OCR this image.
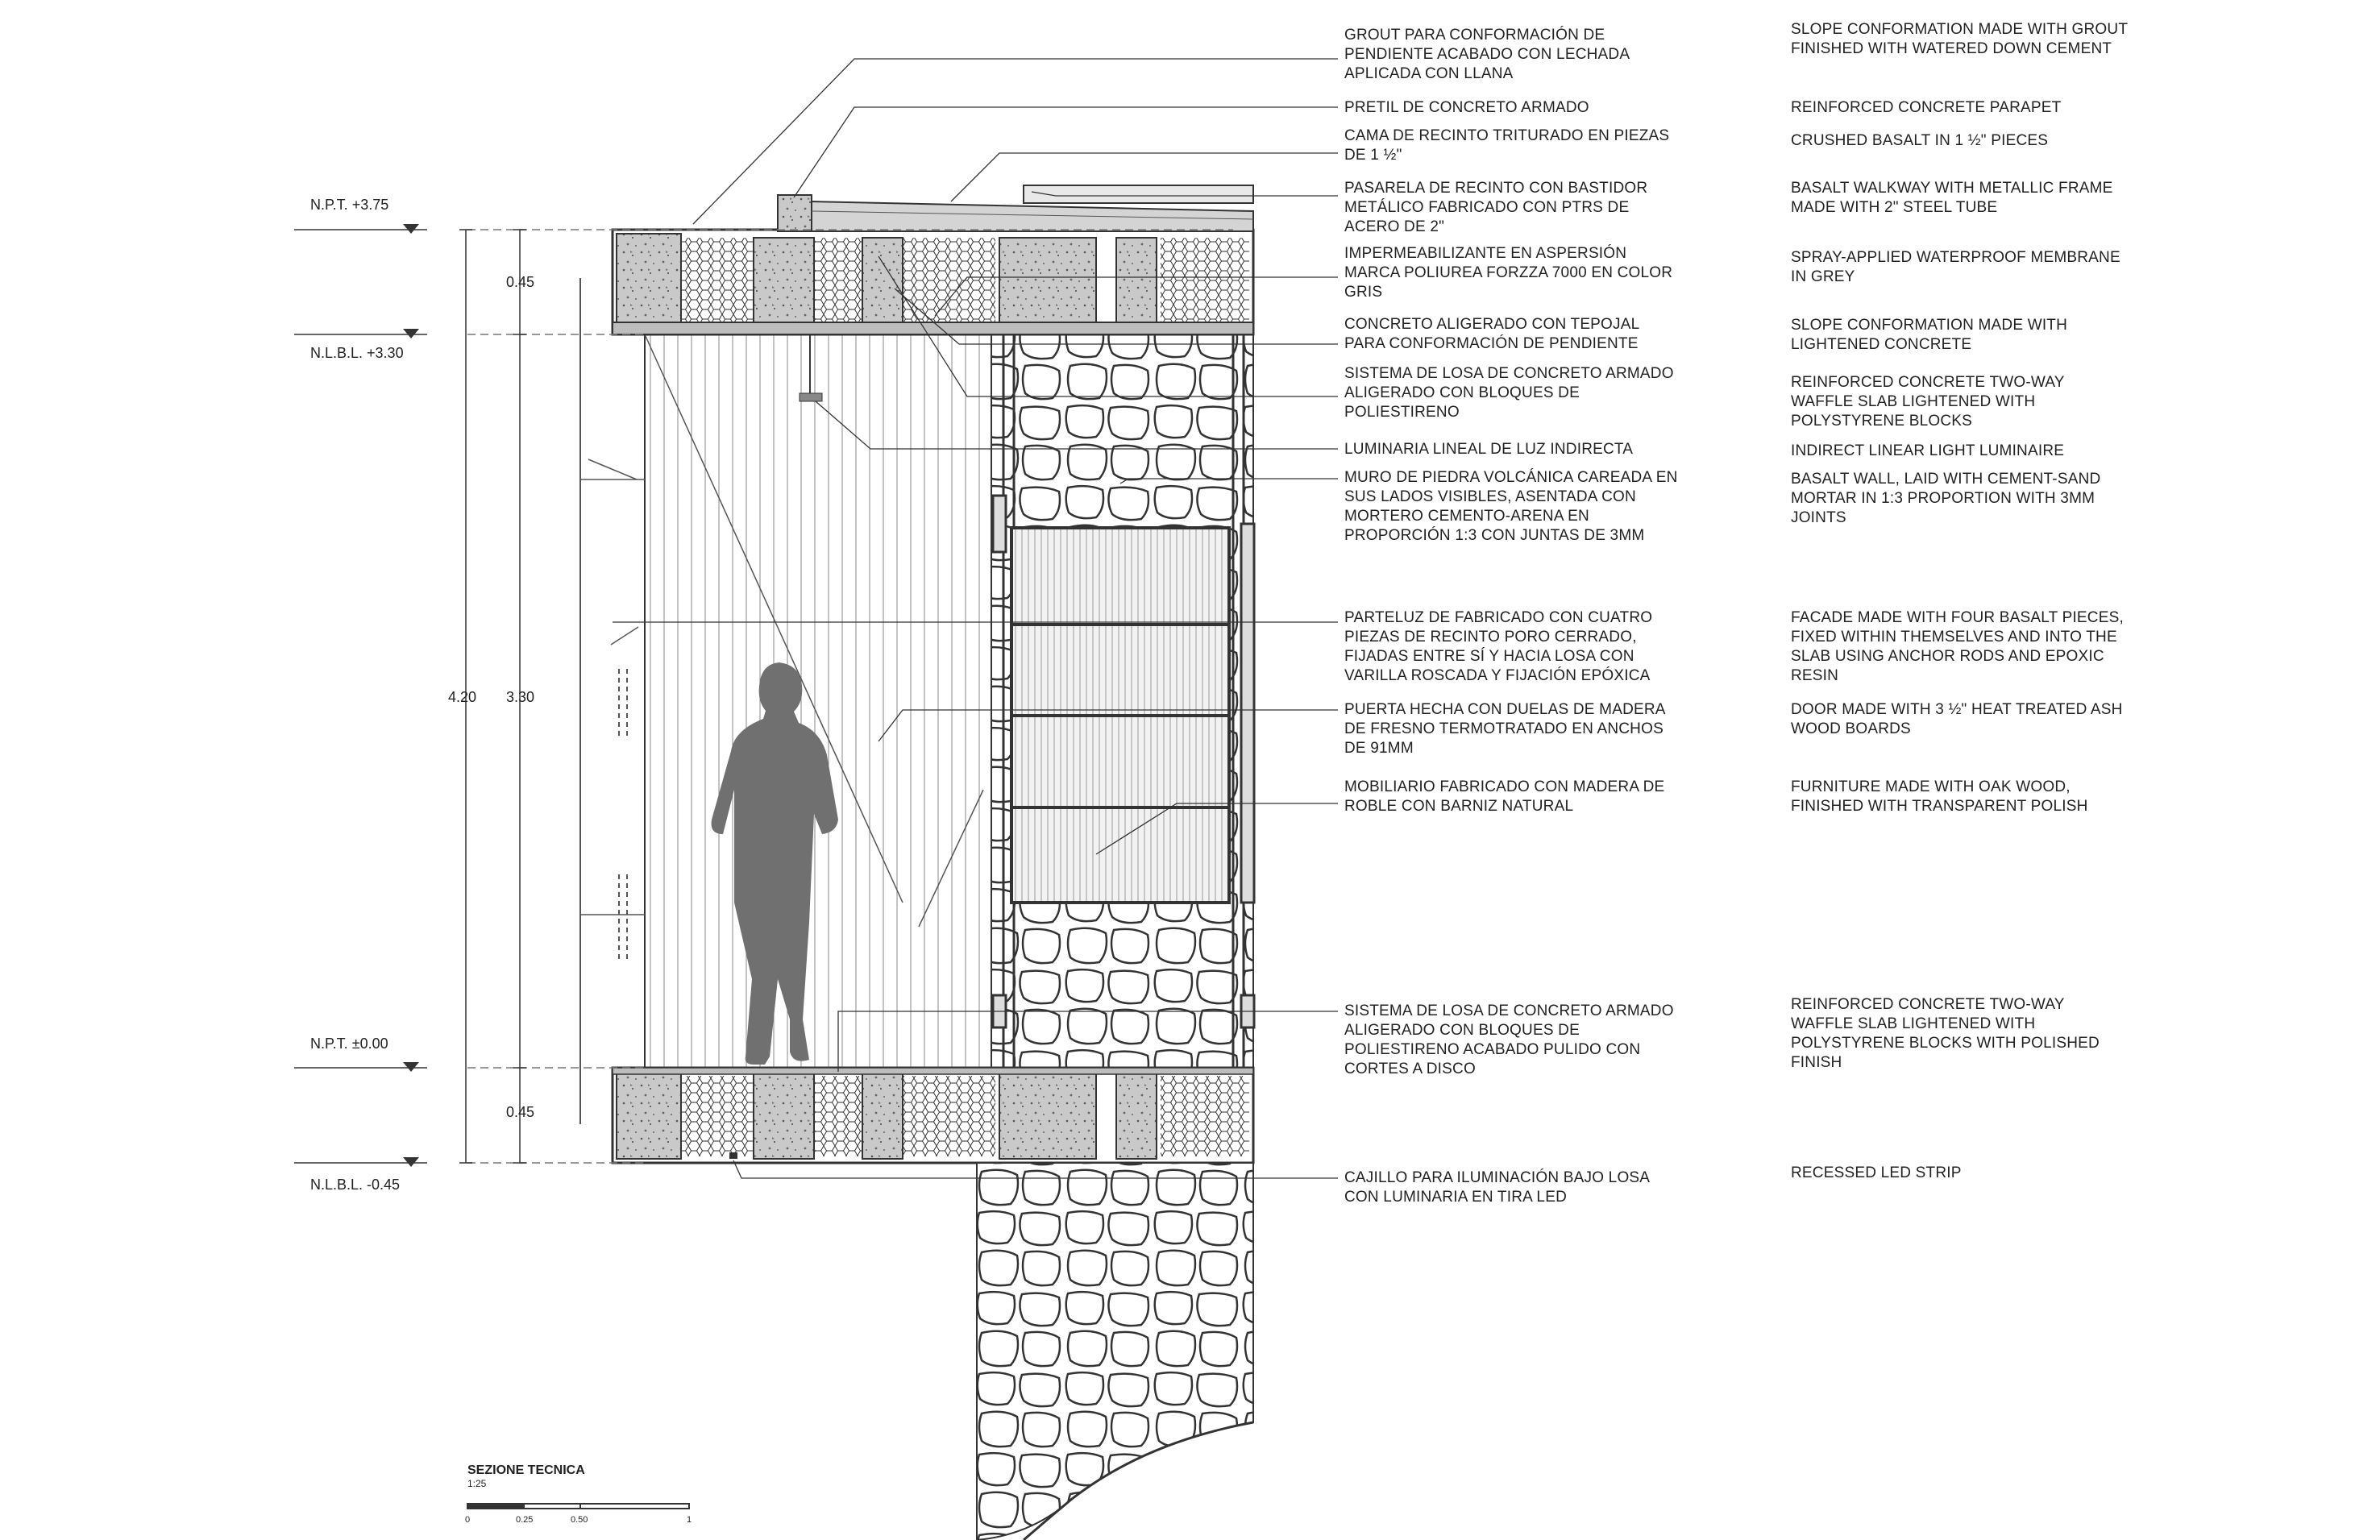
GROUT PARA CONFORMACIÓN DE PENDIENTE ACABADO CON LECHADA APLICADA CON LLANA
PRETIL DE CONCRETO ARMADO
CAMA DE RECINTO TRITURADO EN PIEZAS DE 1 ½"
PASARELA DE RECINTO CON BASTIDOR METÁLICO FABRICADO CON PTRS DE ACERO DE 2"
IMPERMEABILIZANTE EN ASPERSIÓN MARCA POLIUREA FORZZA 7000 EN COLOR GRIS
CONCRETO ALIGERADO CON TEPOJAL PARA CONFORMACIÓN DE PENDIENTE
SISTEMA DE LOSA DE CONCRETO ARMADO ALIGERADO CON BLOQUES DE POLIESTIRENO
LUMINARIA LINEAL DE LUZ INDIRECTA
MURO DE PIEDRA VOLCÁNICA CAREADA EN SUS LADOS VISIBLES, ASENTADA CON MORTERO CEMENTO-ARENA EN PROPORCIÓN 1:3 CON JUNTAS DE 3MM
PARTELUZ DE FABRICADO CON CUATRO PIEZAS DE RECINTO PORO CERRADO, FIJADAS ENTRE SÍ Y HACIA LOSA CON VARILLA ROSCADA Y FIJACIÓN EPÓXICA
PUERTA HECHA CON DUELAS DE MADERA DE FRESNO TERMOTRATADO EN ANCHOS DE 91MM
MOBILIARIO FABRICADO CON MADERA DE ROBLE CON BARNIZ NATURAL
SISTEMA DE LOSA DE CONCRETO ARMADO ALIGERADO CON BLOQUES DE POLIESTIRENO ACABADO PULIDO CON CORTES A DISCO
CAJILLO PARA ILUMINACIÓN BAJO LOSA CON LUMINARIA EN TIRA LED
SLOPE CONFORMATION MADE WITH GROUT FINISHED WITH WATERED DOWN CEMENT
REINFORCED CONCRETE PARAPET
CRUSHED BASALT IN 1 ½" PIECES
BASALT WALKWAY WITH METALLIC FRAME MADE WITH 2" STEEL TUBE
SPRAY-APPLIED WATERPROOF MEMBRANE IN GREY
SLOPE CONFORMATION MADE WITH LIGHTENED CONCRETE
REINFORCED CONCRETE TWO-WAY WAFFLE SLAB LIGHTENED WITH POLYSTYRENE BLOCKS
INDIRECT LINEAR LIGHT LUMINAIRE
BASALT WALL, LAID WITH CEMENT-SAND MORTAR IN 1:3 PROPORTION WITH 3MM JOINTS
FACADE MADE WITH FOUR BASALT PIECES, FIXED WITHIN THEMSELVES AND INTO THE SLAB USING ANCHOR RODS AND EPOXIC RESIN
DOOR MADE WITH 3 ½" HEAT TREATED ASH WOOD BOARDS
FURNITURE MADE WITH OAK WOOD, FINISHED WITH TRANSPARENT POLISH
REINFORCED CONCRETE TWO-WAY WAFFLE SLAB LIGHTENED WITH POLYSTYRENE BLOCKS WITH POLISHED FINISH
RECESSED LED STRIP
N.P.T. +3.75
N.L.B.L. +3.30
N.P.T. ±0.00
N.L.B.L. -0.45
4.20 3.30
0.45
0.45
SEZIONE TECNICA
1:25
0	0.25	0.50	1
